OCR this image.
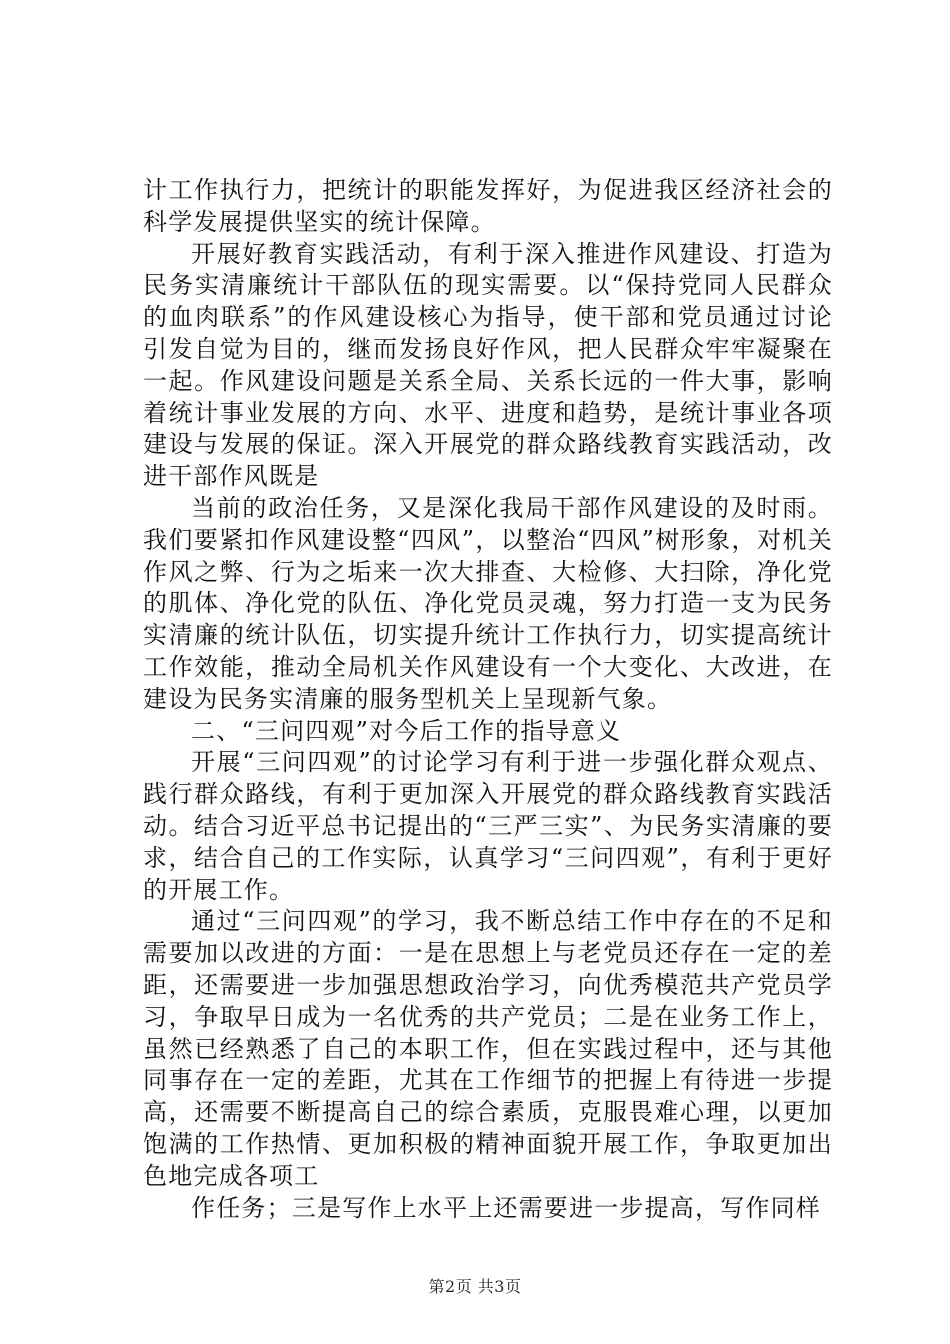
计工作执行力，把统计的职能发挥好，为促进我区经济社会的科学发展提供坚实的统计保障。

开展好教育实践活动，有利于深入推进作风建设、打造为民务实清廉统计干部队伍的现实需要。以“保持党同人民群众的血肉联系”的作风建设核心为指导，使干部和党员通过讨论引发自觉为目的，继而发扬良好作风，把人民群众牢牢凝聚在一起。作风建设问题是关系全局、关系长远的一件大事，影响着统计事业发展的方向、水平、进度和趋势，是统计事业各项建设与发展的保证。深入开展党的群众路线教育实践活动，改进干部作风既是

当前的政治任务，又是深化我局干部作风建设的及时雨。我们要紧扣作风建设整“四风”，以整治“四风”树形象，对机关作风之弊、行为之垢来一次大排查、大检修、大扫除，净化党的肌体、净化党的队伍、净化党员灵魂，努力打造一支为民务实清廉的统计队伍，切实提升统计工作执行力，切实提高统计工作效能，推动全局机关作风建设有一个大变化、大改进，在建设为民务实清廉的服务型机关上呈现新气象。

二、“三问四观”对今后工作的指导意义

开展“三问四观”的讨论学习有利于进一步强化群众观点、践行群众路线，有利于更加深入开展党的群众路线教育实践活动。结合习近平总书记提出的“三严三实”、为民务实清廉的要求，结合自己的工作实际，认真学习“三问四观”，有利于更好的开展工作。

通过“三问四观”的学习，我不断总结工作中存在的不足和需要加以改进的方面：一是在思想上与老党员还存在一定的差距，还需要进一步加强思想政治学习，向优秀模范共产党员学习，争取早日成为一名优秀的共产党员；二是在业务工作上，虽然已经熟悉了自己的本职工作，但在实践过程中，还与其他同事存在一定的差距，尤其在工作细节的把握上有待进一步提高，还需要不断提高自己的综合素质，克服畏难心理，以更加饱满的工作热情、更加积极的精神面貌开展工作，争取更加出色地完成各项工

作任务；三是写作上水平上还需要进一步提高，写作同样

第2页 共3页
